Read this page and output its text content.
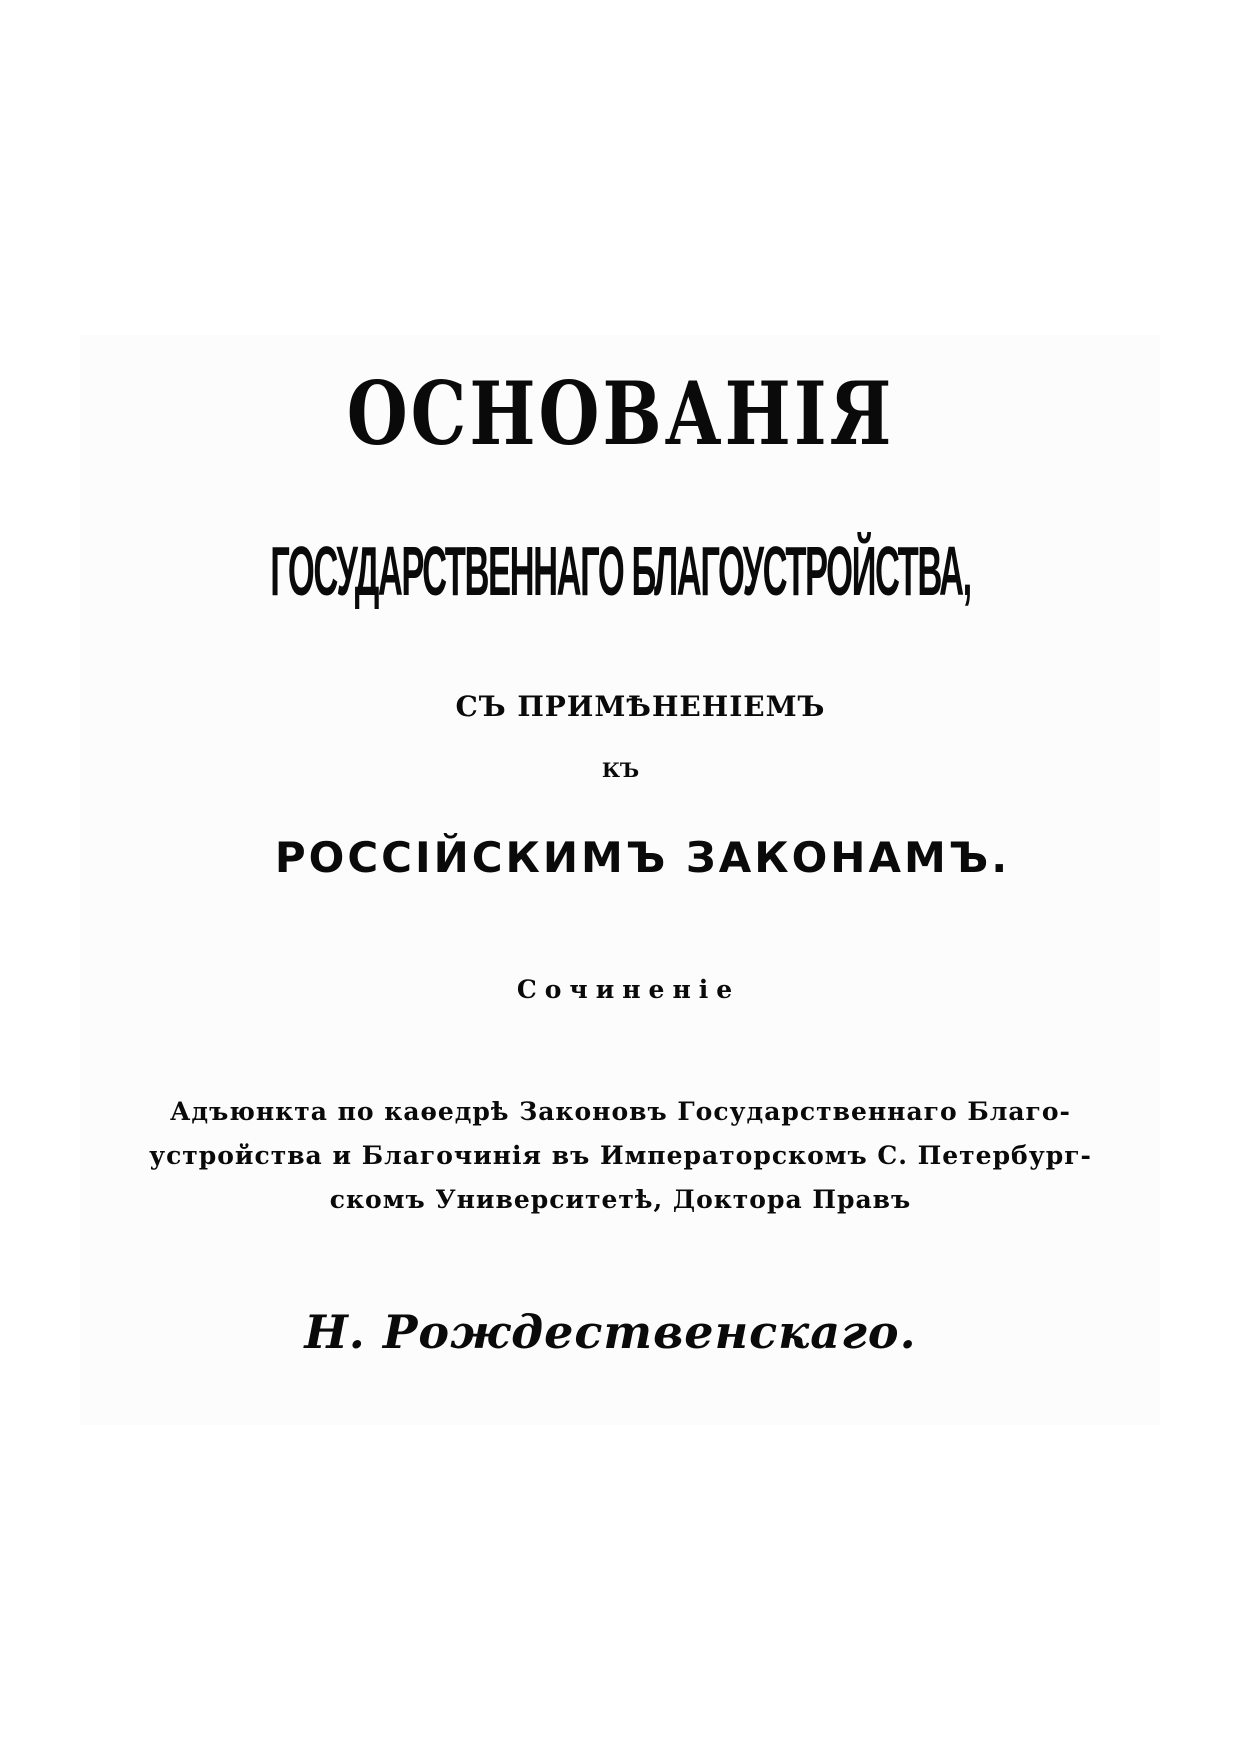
ОСНОВАНІЯ
ГОСУДАРСТВЕННАГО БЛАГОУСТРОЙСТВА,
СЪ ПРИМѢНЕНІЕМЪ
КЪ
РОССІЙСКИМЪ ЗАКОНАМЪ.
Сочиненіе
Адъюнкта по каѳедрѣ Законовъ Государственнаго Благо-
устройства и Благочинія въ Императорскомъ С. Петербург-
скомъ Университетѣ, Доктора Правъ
Н. Рождественскаго.
